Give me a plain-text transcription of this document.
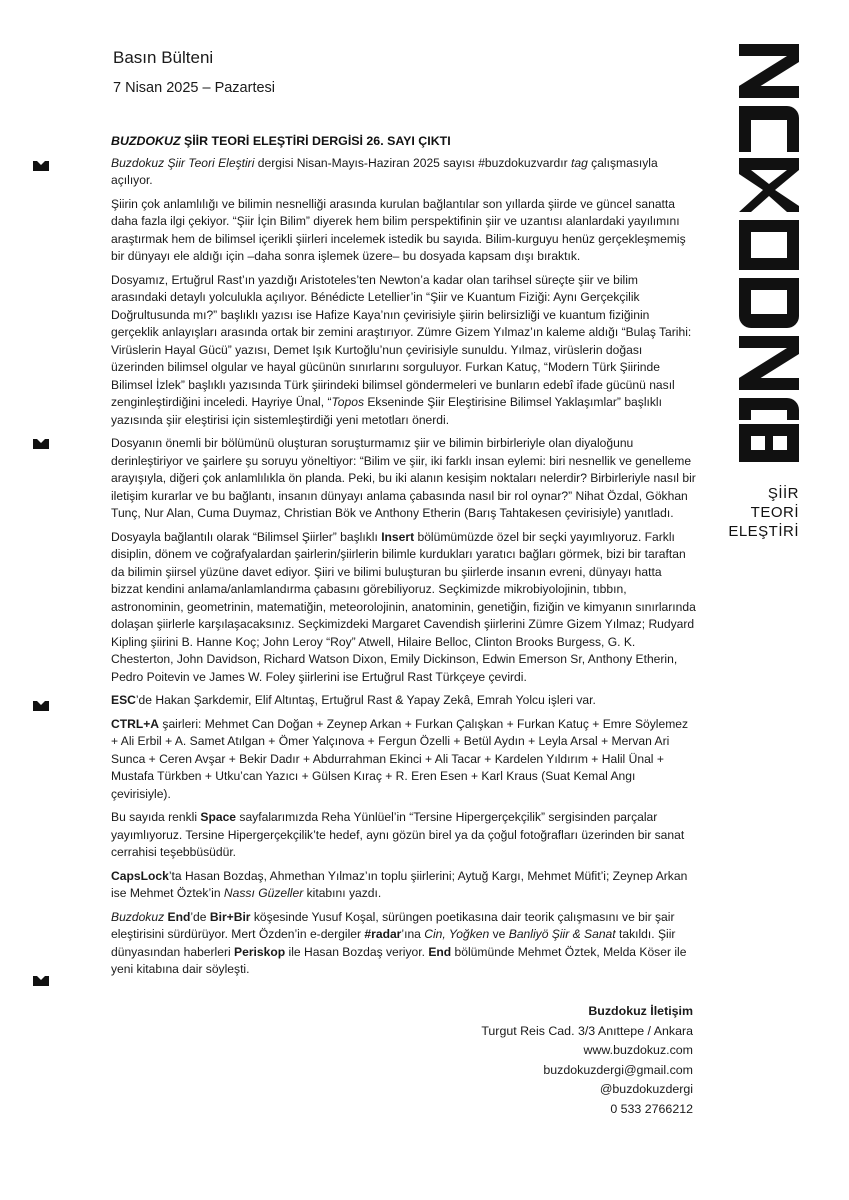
Basın Bülteni
7 Nisan 2025 – Pazartesi
ŞİİR
TEORİ
ELEŞTİRİ

BUZDOKUZ ŞİİR TEORİ ELEŞTİRİ DERGİSİ 26. SAYI ÇIKTI

Buzdokuz Şiir Teori Eleştiri dergisi Nisan-Mayıs-Haziran 2025 sayısı #buzdokuzvardır tag çalışmasıyla açılıyor.

Şiirin çok anlamlılığı ve bilimin nesnelliği arasında kurulan bağlantılar son yıllarda şiirde ve güncel sanatta daha fazla ilgi çekiyor. “Şiir İçin Bilim” diyerek hem bilim perspektifinin şiir ve uzantısı alanlardaki yayılımını araştırmak hem de bilimsel içerikli şiirleri incelemek istedik bu sayıda. Bilim-kurguyu henüz gerçekleşmemiş bir dünyayı ele aldığı için –daha sonra işlemek üzere– bu dosyada kapsam dışı bıraktık.

Dosyamız, Ertuğrul Rast’ın yazdığı Aristoteles’ten Newton’a kadar olan tarihsel süreçte şiir ve bilim arasındaki detaylı yolculukla açılıyor. Bénédicte Letellier’in “Şiir ve Kuantum Fiziği: Aynı Gerçekçilik Doğrultusunda mı?” başlıklı yazısı ise Hafize Kaya’nın çevirisiyle şiirin belirsizliği ve kuantum fiziğinin gerçeklik anlayışları arasında ortak bir zemini araştırıyor. Zümre Gizem Yılmaz’ın kaleme aldığı “Bulaş Tarihi: Virüslerin Hayal Gücü” yazısı, Demet Işık Kurtoğlu’nun çevirisiyle sunuldu. Yılmaz, virüslerin doğası üzerinden bilimsel olgular ve hayal gücünün sınırlarını sorguluyor. Furkan Katuç, “Modern Türk Şiirinde Bilimsel İzlek” başlıklı yazısında Türk şiirindeki bilimsel göndermeleri ve bunların edebî ifade gücünü nasıl zenginleştirdiğini inceledi. Hayriye Ünal, “Topos Ekseninde Şiir Eleştirisine Bilimsel Yaklaşımlar” başlıklı yazısında şiir eleştirisi için sistemleştirdiği yeni metotları önerdi.

Dosyanın önemli bir bölümünü oluşturan soruşturmamız şiir ve bilimin birbirleriyle olan diyaloğunu derinleştiriyor ve şairlere şu soruyu yöneltiyor: “Bilim ve şiir, iki farklı insan eylemi: biri nesnellik ve genelleme arayışıyla, diğeri çok anlamlılıkla ön planda. Peki, bu iki alanın kesişim noktaları nelerdir? Birbirleriyle nasıl bir iletişim kurarlar ve bu bağlantı, insanın dünyayı anlama çabasında nasıl bir rol oynar?” Nihat Özdal, Gökhan Tunç, Nur Alan, Cuma Duymaz, Christian Bök ve Anthony Etherin (Barış Tahtakesen çevirisiyle) yanıtladı.

Dosyayla bağlantılı olarak “Bilimsel Şiirler” başlıklı Insert bölümümüzde özel bir seçki yayımlıyoruz. Farklı disiplin, dönem ve coğrafyalardan şairlerin/şiirlerin bilimle kurdukları yaratıcı bağları görmek, bizi bir taraftan da bilimin şiirsel yüzüne davet ediyor. Şiiri ve bilimi buluşturan bu şiirlerde insanın evreni, dünyayı hatta bizzat kendini anlama/anlamlandırma çabasını görebiliyoruz. Seçkimizde mikrobiyolojinin, tıbbın, astronominin, geometrinin, matematiğin, meteorolojinin, anatominin, genetiğin, fiziğin ve kimyanın sınırlarında dolaşan şiirlerle karşılaşacaksınız. Seçkimizdeki Margaret Cavendish şiirlerini Zümre Gizem Yılmaz; Rudyard Kipling şiirini B. Hanne Koç; John Leroy “Roy” Atwell, Hilaire Belloc, Clinton Brooks Burgess, G. K. Chesterton, John Davidson, Richard Watson Dixon, Emily Dickinson, Edwin Emerson Sr, Anthony Etherin, Pedro Poitevin ve James W. Foley şiirlerini ise Ertuğrul Rast Türkçeye çevirdi.

ESC’de Hakan Şarkdemir, Elif Altıntaş, Ertuğrul Rast & Yapay Zekâ, Emrah Yolcu işleri var.

CTRL+A şairleri: Mehmet Can Doğan + Zeynep Arkan + Furkan Çalışkan + Furkan Katuç + Emre Söylemez + Ali Erbil + A. Samet Atılgan + Ömer Yalçınova + Fergun Özelli + Betül Aydın + Leyla Arsal + Mervan Ari Sunca + Ceren Avşar + Bekir Dadır + Abdurrahman Ekinci + Ali Tacar + Kardelen Yıldırım + Halil Ünal + Mustafa Türkben + Utku’can Yazıcı + Gülsen Kıraç + R. Eren Esen + Karl Kraus (Suat Kemal Angı çevirisiyle).

Bu sayıda renkli Space sayfalarımızda Reha Yünlüel’in “Tersine Hipergerçekçilik” sergisinden parçalar yayımlıyoruz. Tersine Hipergerçekçilik’te hedef, aynı gözün birel ya da çoğul fotoğrafları üzerinden bir sanat cerrahisi teşebbüsüdür.

CapsLock’ta Hasan Bozdaş, Ahmethan Yılmaz’ın toplu şiirlerini; Aytuğ Kargı, Mehmet Müfit’i; Zeynep Arkan ise Mehmet Öztek’in Nassı Güzeller kitabını yazdı.

Buzdokuz End’de Bir+Bir köşesinde Yusuf Koşal, sürüngen poetikasına dair teorik çalışmasını ve bir şair eleştirisini sürdürüyor. Mert Özden’in e-dergiler #radar’ına Cin, Yoğken ve Banliyö Şiir & Sanat takıldı. Şiir dünyasından haberleri Periskop ile Hasan Bozdaş veriyor. End bölümünde Mehmet Öztek, Melda Köser ile yeni kitabına dair söyleşti.

Buzdokuz İletişim
Turgut Reis Cad. 3/3 Anıttepe / Ankara
www.buzdokuz.com
buzdokuzdergi@gmail.com
@buzdokuzdergi
0 533 2766212
